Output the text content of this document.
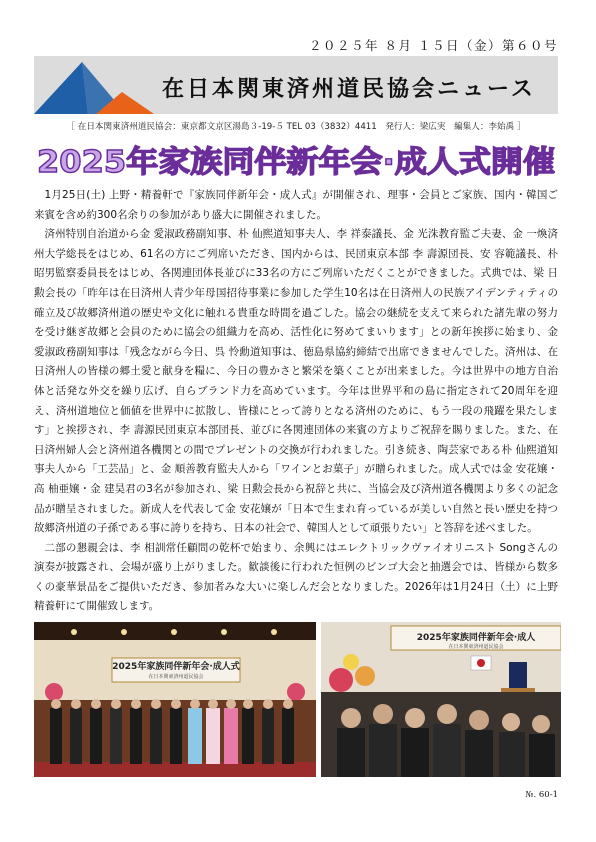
２０２５年 ８月 １５日（金）第６０号
在日本関東済州道民協会ニュース
［ 在日本関東済州道民協会：東京都文京区湯島３-19-５ TEL 03（3832）4411　発行人：梁広実　編集人：李始禹 ］
2025年家族同伴新年会·成人式開催

1月25日(土) 上野・精養軒で『家族同伴新年会・成人式』が開催され、理事・会員とご家族、国内・韓国ご来賓を含め約300名余りの参加があり盛大に開催されました。

済州特別自治道から金 愛淑政務副知事、朴 仙熙道知事夫人、李 祥泰議長、金 光洙教育監ご夫妻、金 一煥済州大学総長をはじめ、61名の方にご列席いただき、国内からは、民団東京本部 李 壽源団長、安 容範議長、朴 昭男監察委員長をはじめ、各関連団体長並びに33名の方にご列席いただくことができました。式典では、梁 日勲会長の「昨年は在日済州人青少年母国招待事業に参加した学生10名は在日済州人の民族アイデンティティの確立及び故郷済州道の歴史や文化に触れる貴重な時間を過ごした。協会の継続を支えて来られた諸先輩の努力を受け継ぎ故郷と会員のために協会の組織力を高め、活性化に努めてまいります」との新年挨拶に始まり、金 愛淑政務副知事は「残念ながら今日、呉 怜勳道知事は、徳島県協約締結で出席できませんでした。済州は、在日済州人の皆様の郷土愛と献身を糧に、今日の豊かさと繁栄を築くことが出来ました。今は世界中の地方自治体と活発な外交を繰り広げ、自らブランド力を高めています。今年は世界平和の島に指定されて20周年を迎え、済州道地位と価値を世界中に拡散し、皆様にとって誇りとなる済州のために、もう一段の飛躍を果たします」と挨拶され、李 壽源民団東京本部団長、並びに各関連団体の来賓の方よりご祝辞を賜りました。また、在日済州婦人会と済州道各機関との間でプレゼントの交換が行われました。引き続き、陶芸家である朴 仙熙道知事夫人から「工芸品」と、金 順善教育監夫人から「ワインとお菓子」が贈られました。成人式では金 安花嬢・高 柚亜嬢・金 建昊君の3名が参加され、梁 日勲会長から祝辞と共に、当協会及び済州道各機関より多くの記念品が贈呈されました。新成人を代表して金 安花嬢が「日本で生まれ育っているが美しい自然と長い歴史を持つ故郷済州道の子孫である事に誇りを持ち、日本の社会で、韓国人として頑張りたい」と答辞を述べました。

二部の懇親会は、李 相訓常任顧問の乾杯で始まり、余興にはエレクトリックヴァイオリニスト Songさんの演奏が披露され、会場が盛り上がりました。歓談後に行われた恒例のビンゴ大会と抽選会では、皆様から数多くの豪華景品をご提供いただき、参加者みな大いに楽しんだ会となりました。2026年は1月24日（土）に上野 精養軒にて開催致します。

2025年家族同伴新年会·成人式
在日本関東済州道民協会
2025年家族同伴新年会·成人
在日本関東済州道民協会
№. 60-1
